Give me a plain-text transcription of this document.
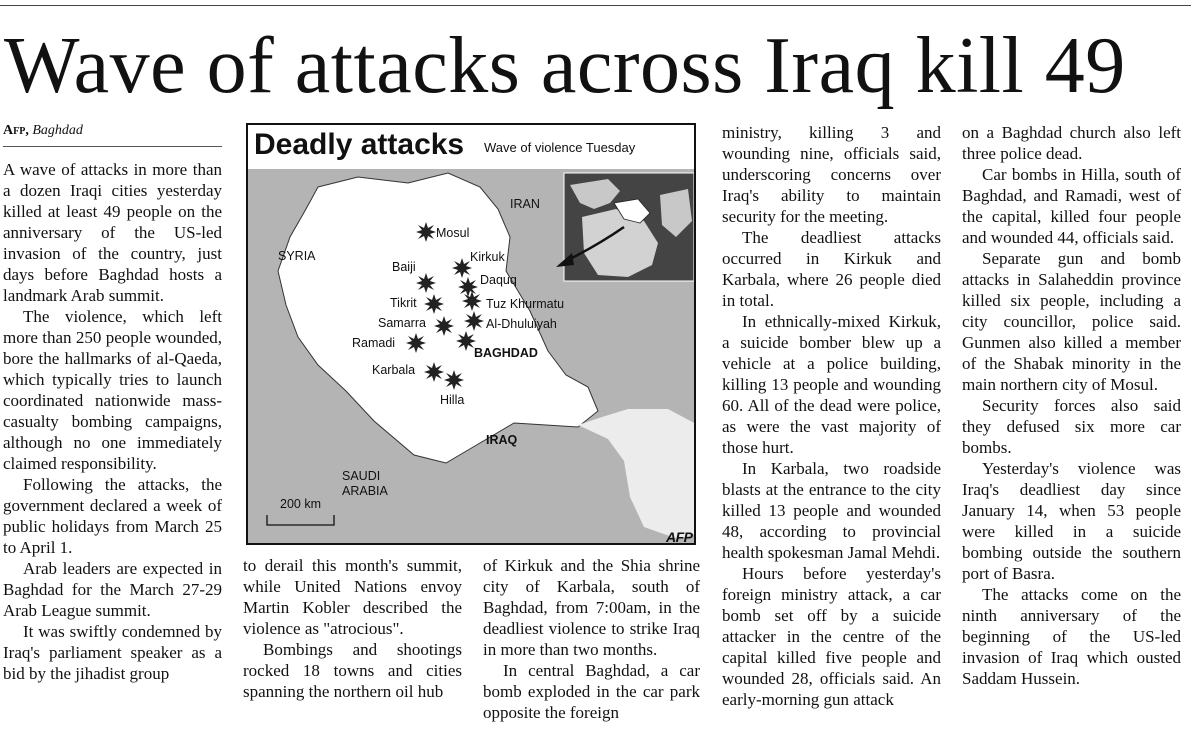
Wave of attacks across Iraq kill 49
Afp, Baghdad

A wave of attacks in more than a dozen Iraqi cities yesterday killed at least 49 people on the anniversary of the US-led invasion of the country, just days before Baghdad hosts a landmark Arab summit.

The violence, which left more than 250 people wounded, bore the hallmarks of al-Qaeda, which typically tries to launch coordinated nationwide mass-casualty bombing campaigns, although no one immediately claimed responsibility.

Following the attacks, the government declared a week of public holidays from March 25 to April 1.

Arab leaders are expected in Baghdad for the March 27-29 Arab League summit.

It was swiftly condemned by Iraq's parliament speaker as a bid by the jihadist group

Deadly attacks Wave of violence Tuesday
SYRIA
IRAN
IRAQ
SAUDI ARABIA
Mosul
Kirkuk
Baiji
Daquq
Tikrit	Tuz Khurmatu
Samarra	Al-Dhuluiyah
Ramadi
BAGHDAD
Karbala
Hilla
200 km
AFP

to derail this month's summit, while United Nations envoy Martin Kobler described the violence as "atrocious".

Bombings and shootings rocked 18 towns and cities spanning the northern oil hub

of Kirkuk and the Shia shrine city of Karbala, south of Baghdad, from 7:00am, in the deadliest violence to strike Iraq in more than two months.

In central Baghdad, a car bomb exploded in the car park opposite the foreign

ministry, killing 3 and wounding nine, officials said, underscoring concerns over Iraq's ability to maintain security for the meeting.

The deadliest attacks occurred in Kirkuk and Karbala, where 26 people died in total.

In ethnically-mixed Kirkuk, a suicide bomber blew up a vehicle at a police building, killing 13 people and wounding 60. All of the dead were police, as were the vast majority of those hurt.

In Karbala, two roadside blasts at the entrance to the city killed 13 people and wounded 48, according to provincial health spokesman Jamal Mehdi.

Hours before yesterday's foreign ministry attack, a car bomb set off by a suicide attacker in the centre of the capital killed five people and wounded 28, officials said. An early-morning gun attack

on a Baghdad church also left three police dead.

Car bombs in Hilla, south of Baghdad, and Ramadi, west of the capital, killed four people and wounded 44, officials said.

Separate gun and bomb attacks in Salaheddin province killed six people, including a city councillor, police said. Gunmen also killed a member of the Shabak minority in the main northern city of Mosul.

Security forces also said they defused six more car bombs.

Yesterday's violence was Iraq's deadliest day since January 14, when 53 people were killed in a suicide bombing outside the southern port of Basra.

The attacks come on the ninth anniversary of the beginning of the US-led invasion of Iraq which ousted Saddam Hussein.
